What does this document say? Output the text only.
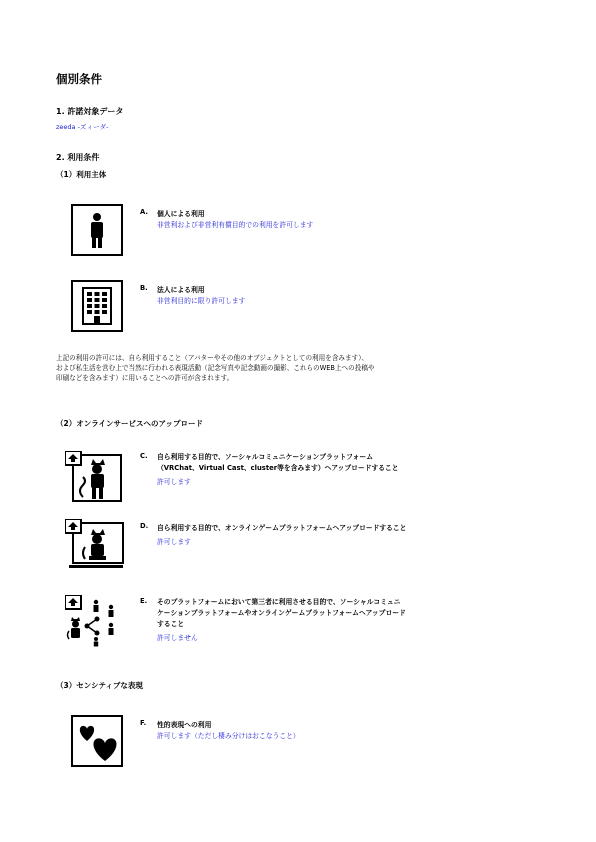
個別条件
1. 許諾対象データ
zeeda -ズィーダ-
2. 利用条件
（1）利用主体
A. 個人による利用
非営利および非営利有償目的での利用を許可します
B. 法人による利用
非営利目的に限り許可します
上記の利用の許可には、自ら利用すること（アバターやその他のオブジェクトとしての利用を含みます）、
および私生活を営む上で当然に行われる表現活動（記念写真や記念動画の撮影、これらのWEB上への投稿や
印刷などを含みます）に用いることへの許可が含まれます。
（2）オンラインサービスへのアップロード
C. 自ら利用する目的で、ソーシャルコミュニケーションプラットフォーム
（VRChat、Virtual Cast、cluster等を含みます）へアップロードすること
許可します
D. 自ら利用する目的で、オンラインゲームプラットフォームへアップロードすること
許可します
E. そのプラットフォームにおいて第三者に利用させる目的で、ソーシャルコミュニ
ケーションプラットフォームやオンラインゲームプラットフォームへアップロード
すること
許可しません
（3）センシティブな表現
F. 性的表現への利用
許可します（ただし棲み分けはおこなうこと）
